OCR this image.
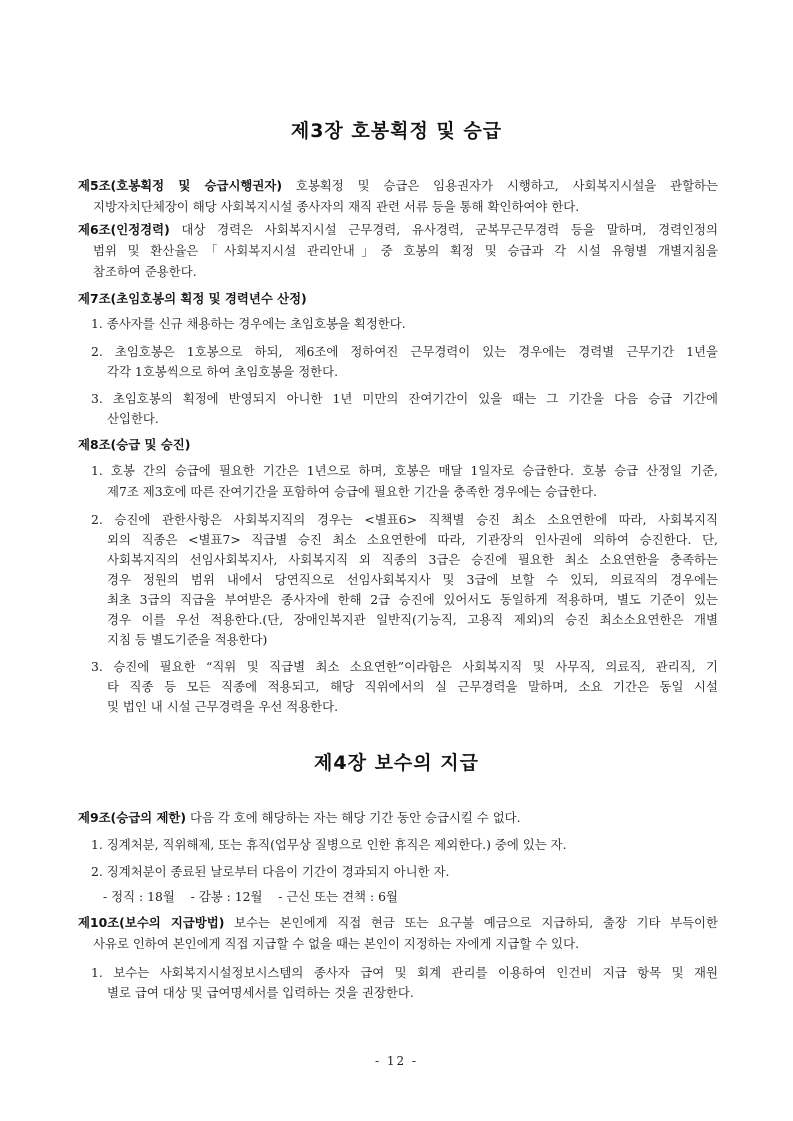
제3장 호봉획정 및 승급
제5조(호봉획정 및 승급시행권자) 호봉획정 및 승급은 임용권자가 시행하고, 사회복지시설을 관할하는
지방자치단체장이 해당 사회복지시설 종사자의 재직 관련 서류 등을 통해 확인하여야 한다.
제6조(인정경력) 대상 경력은 사회복지시설 근무경력, 유사경력, 군복무근무경력 등을 말하며, 경력인정의
범위 및 환산율은「사회복지시설 관리안내」중 호봉의 획정 및 승급과 각 시설 유형별 개별지침을
참조하여 준용한다.
제7조(초임호봉의 획정 및 경력년수 산정)
1. 종사자를 신규 채용하는 경우에는 초임호봉을 획정한다.
2. 초임호봉은 1호봉으로 하되, 제6조에 정하여진 근무경력이 있는 경우에는 경력별 근무기간 1년을
각각 1호봉씩으로 하여 초임호봉을 정한다.
3. 초임호봉의 획정에 반영되지 아니한 1년 미만의 잔여기간이 있을 때는 그 기간을 다음 승급 기간에
산입한다.
제8조(승급 및 승진)
1. 호봉 간의 승급에 필요한 기간은 1년으로 하며, 호봉은 매달 1일자로 승급한다. 호봉 승급 산정일 기준,
제7조 제3호에 따른 잔여기간을 포함하여 승급에 필요한 기간을 충족한 경우에는 승급한다.
2. 승진에 관한사항은 사회복지직의 경우는 <별표6> 직책별 승진 최소 소요연한에 따라, 사회복지직
외의 직종은 <별표7> 직급별 승진 최소 소요연한에 따라, 기관장의 인사권에 의하여 승진한다. 단,
사회복지직의 선임사회복지사, 사회복지직 외 직종의 3급은 승진에 필요한 최소 소요연한을 충족하는
경우 정원의 범위 내에서 당연직으로 선임사회복지사 및 3급에 보할 수 있되, 의료직의 경우에는
최초 3급의 직급을 부여받은 종사자에 한해 2급 승진에 있어서도 동일하게 적용하며, 별도 기준이 있는
경우 이를 우선 적용한다.(단, 장애인복지관 일반직(기능직, 고용직 제외)의 승진 최소소요연한은 개별
지침 등 별도기준을 적용한다)
3. 승진에 필요한 “직위 및 직급별 최소 소요연한”이라함은 사회복지직 및 사무직, 의료직, 관리직, 기
타 직종 등 모든 직종에 적용되고, 해당 직위에서의 실 근무경력을 말하며, 소요 기간은 동일 시설
및 법인 내 시설 근무경력을 우선 적용한다.
제4장 보수의 지급
제9조(승급의 제한) 다음 각 호에 해당하는 자는 해당 기간 동안 승급시킬 수 없다.
1. 징계처분, 직위해제, 또는 휴직(업무상 질병으로 인한 휴직은 제외한다.) 중에 있는 자.
2. 징계처분이 종료된 날로부터 다음이 기간이 경과되지 아니한 자.
- 정직 : 18월    - 감봉 : 12월    - 근신 또는 견책 : 6월
제10조(보수의 지급방법) 보수는 본인에게 직접 현금 또는 요구불 예금으로 지급하되, 출장 기타 부득이한
사유로 인하여 본인에게 직접 지급할 수 없을 때는 본인이 지정하는 자에게 지급할 수 있다.
1. 보수는 사회복지시설정보시스템의 종사자 급여 및 회계 관리를 이용하여 인건비 지급 항목 및 재원
별로 급여 대상 및 급여명세서를 입력하는 것을 권장한다.
- 12 -
